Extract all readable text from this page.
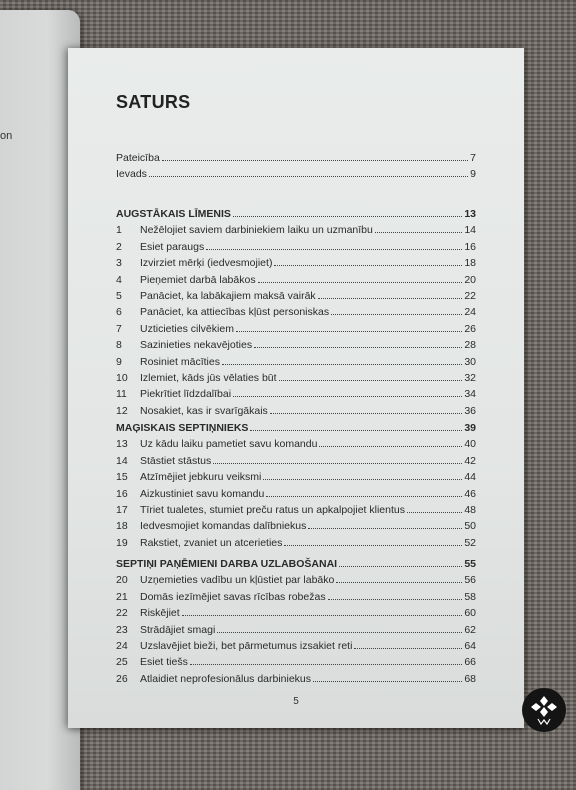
on
SATURS
Pateicība	7
Ievads	9
AUGSTĀKAIS LĪMENIS	13
1	Nežēlojiet saviem darbiniekiem laiku un uzmanību	14
2	Esiet paraugs	16
3	Izvirziet mērķi (iedvesmojiet)	18
4	Pieņemiet darbā labākos	20
5	Panāciet, ka labākajiem maksā vairāk	22
6	Panāciet, ka attiecības kļūst personiskas	24
7	Uzticieties cilvēkiem	26
8	Sazinieties nekavējoties	28
9	Rosiniet mācīties	30
10	Izlemiet, kāds jūs vēlaties būt	32
11	Piekrītiet līdzdalībai	34
12	Nosakiet, kas ir svarīgākais	36
MAĢISKAIS SEPTIŅNIEKS	39
13	Uz kādu laiku pametiet savu komandu	40
14	Stāstiet stāstus	42
15	Atzīmējiet jebkuru veiksmi	44
16	Aizkustiniet savu komandu	46
17	Tīriet tualetes, stumiet preču ratus un apkalpojiet klientus	48
18	Iedvesmojiet komandas dalībniekus	50
19	Rakstiet, zvaniet un atcerieties	52
SEPTIŅI PAŅĒMIENI DARBA UZLABOŠANAI	55
20	Uzņemieties vadību un kļūstiet par labāko	56
21	Domās iezīmējiet savas rīcības robežas	58
22	Riskējiet	60
23	Strādājiet smagi	62
24	Uzslavējiet bieži, bet pārmetumus izsakiet reti	64
25	Esiet tiešs	66
26	Atlaidiet neprofesionālus darbiniekus	68
5
